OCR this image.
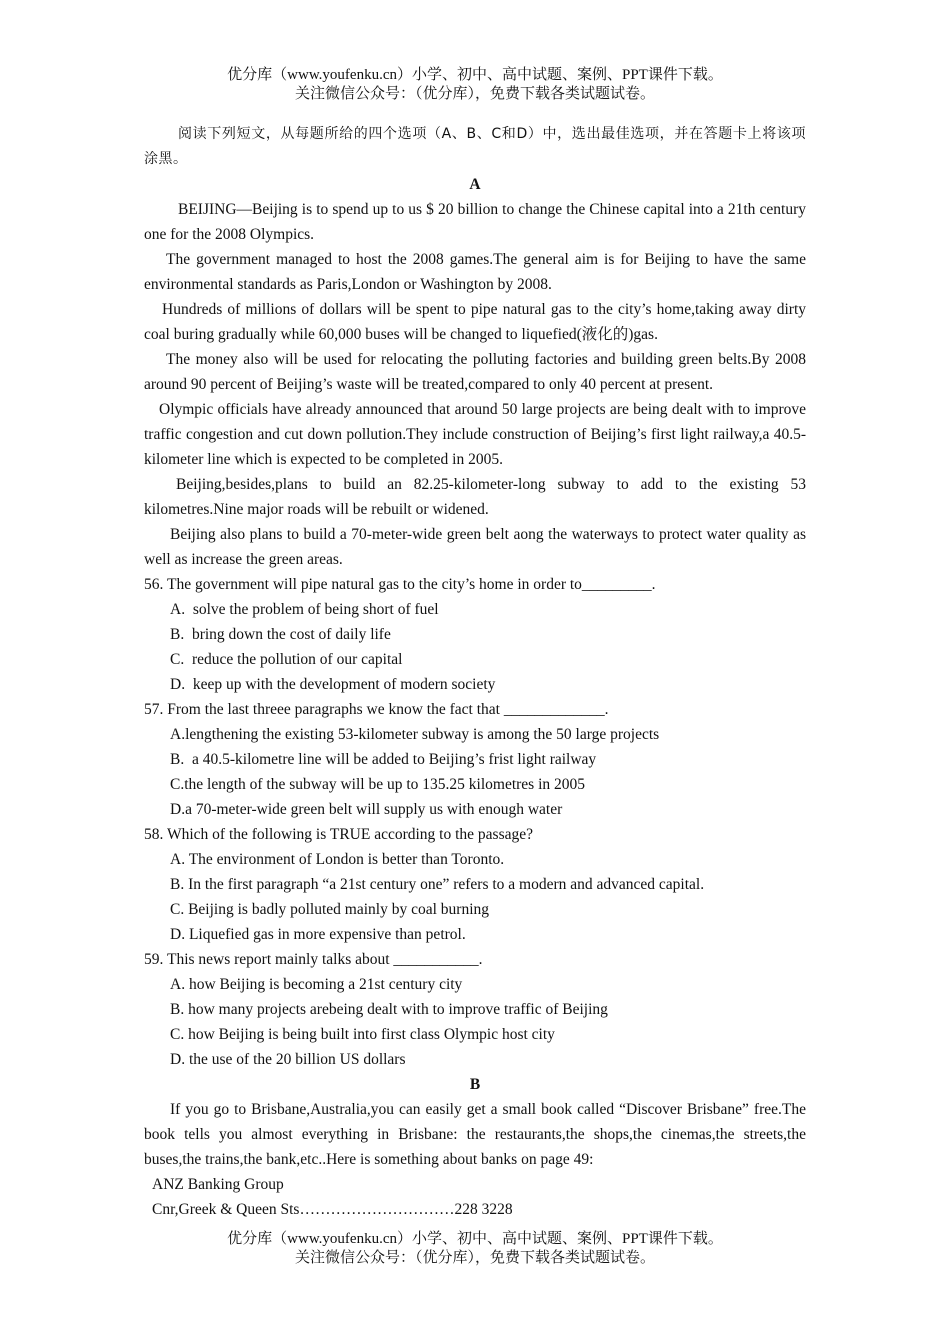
优分库（www.youfenku.cn）小学、初中、高中试题、案例、PPT课件下载。
关注微信公众号：（优分库），免费下载各类试题试卷。

阅读下列短文，从每题所给的四个选项（A、B、C和D）中，选出最佳选项，并在答题卡上将该项涂黑。

A

BEIJING—Beijing is to spend up to us $ 20 billion to change the Chinese capital into a 21th century one for the 2008 Olympics.

The government managed to host the 2008 games.The general aim is for Beijing to have the same environmental standards as Paris,London or Washington by 2008.

Hundreds of millions of dollars will be spent to pipe natural gas to the city’s home,taking away dirty coal buring gradually while 60,000 buses will be changed to liquefied(液化的)gas.

The money also will be used for relocating the polluting factories and building green belts.By 2008 around 90 percent of Beijing’s waste will be treated,compared to only 40 percent at present.

Olympic officials have already announced that around 50 large projects are being dealt with to improve traffic congestion and cut down pollution.They include construction of Beijing’s first light railway,a 40.5-kilometer line which is expected to be completed in 2005.

Beijing,besides,plans to build an 82.25-kilometer-long subway to add to the existing 53 kilometres.Nine major roads will be rebuilt or widened.

Beijing also plans to build a 70-meter-wide green belt aong the waterways to protect water quality as well as increase the green areas.

56. The government will pipe natural gas to the city’s home in order to_________.

A. solve the problem of being short of fuel

B. bring down the cost of daily life

C. reduce the pollution of our capital

D. keep up with the development of modern society

57. From the last threee paragraphs we know the fact that _____________.

A.lengthening the existing 53-kilometer subway is among the 50 large projects

B. a 40.5-kilometre line will be added to Beijing’s frist light railway

C.the length of the subway will be up to 135.25 kilometres in 2005

D.a 70-meter-wide green belt will supply us with enough water

58. Which of the following is TRUE according to the passage?

A. The environment of London is better than Toronto.

B. In the first paragraph “a 21st century one” refers to a modern and advanced capital.

C. Beijing is badly polluted mainly by coal burning

D. Liquefied gas in more expensive than petrol.

59. This news report mainly talks about ___________.

A. how Beijing is becoming a 21st century city

B. how many projects arebeing dealt with to improve traffic of Beijing

C. how Beijing is being built into first class Olympic host city

D. the use of the 20 billion US dollars

B

If you go to Brisbane,Australia,you can easily get a small book called “Discover Brisbane” free.The book tells you almost everything in Brisbane: the restaurants,the shops,the cinemas,the streets,the buses,the trains,the bank,etc..Here is something about banks on page 49:

ANZ Banking Group

Cnr,Greek & Queen Sts…………………………228 3228

优分库（www.youfenku.cn）小学、初中、高中试题、案例、PPT课件下载。
关注微信公众号：（优分库），免费下载各类试题试卷。
